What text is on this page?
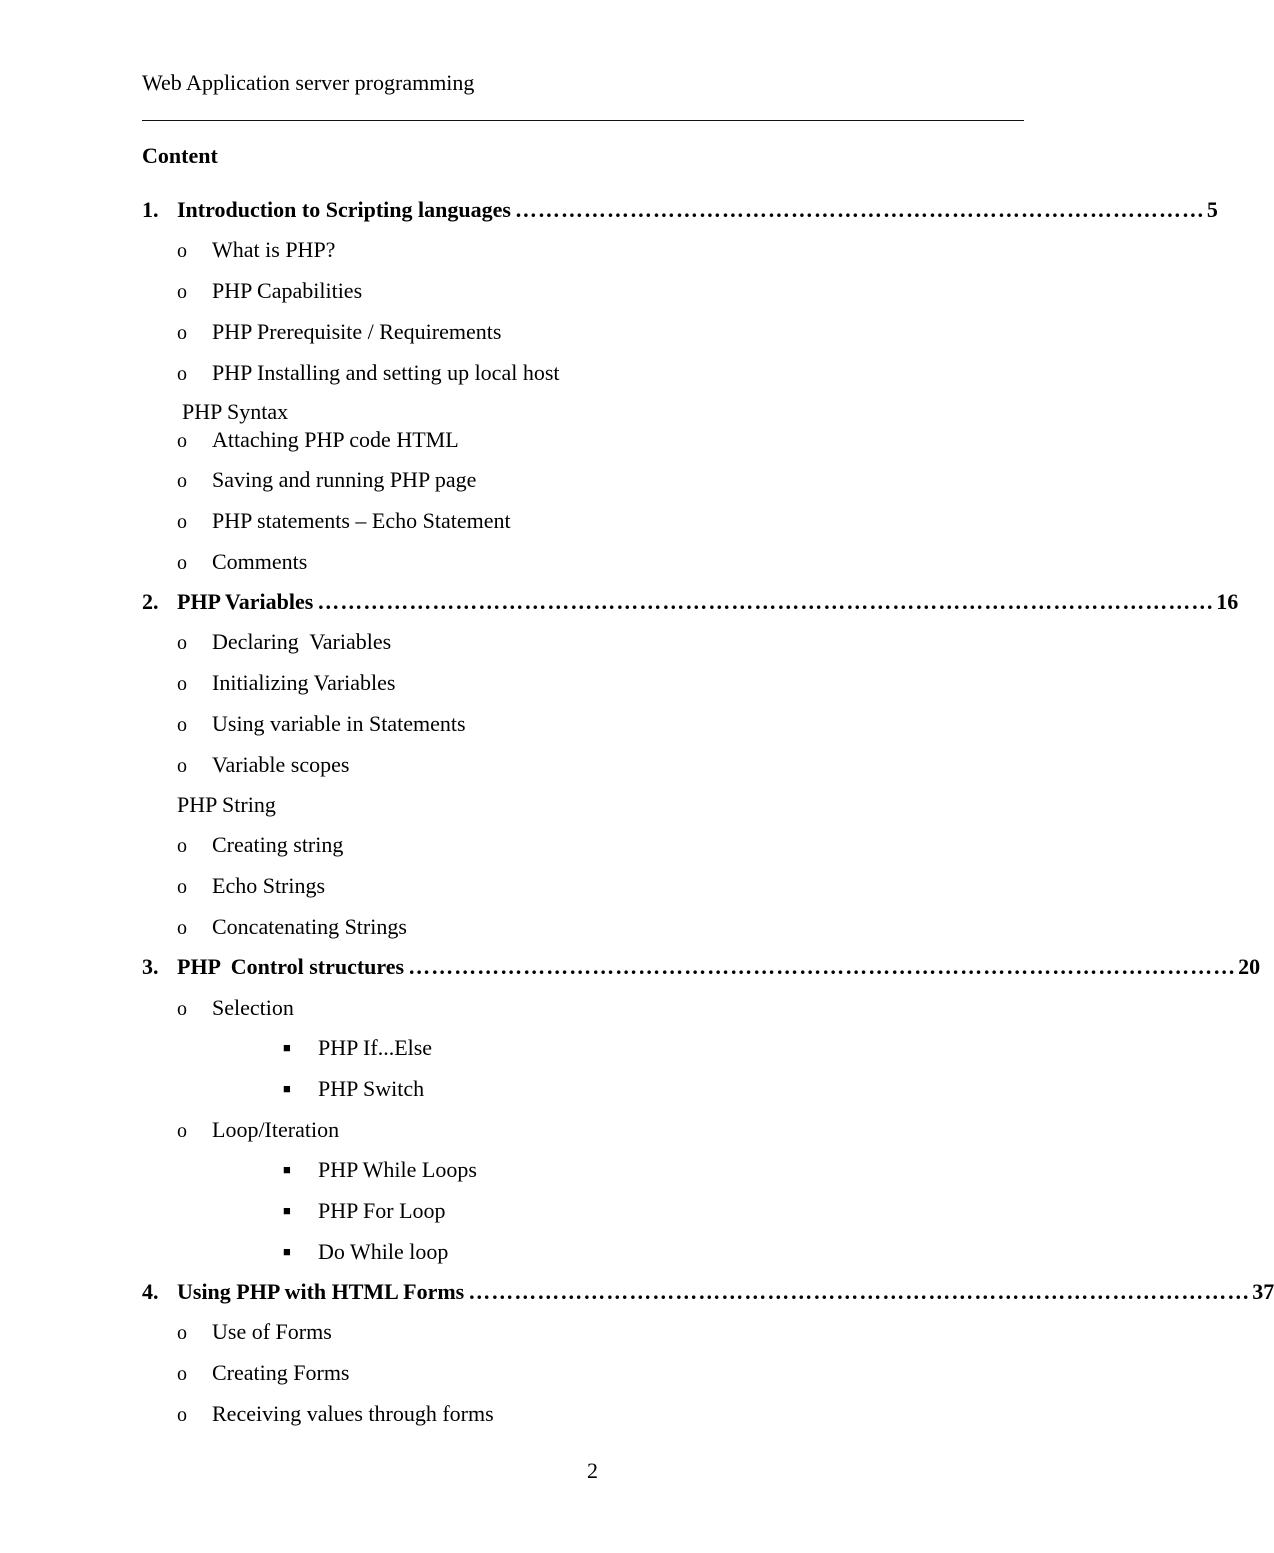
Web Application server programming
Content
1. Introduction to Scripting languages ……………………………………………………………………………… 5
o	What is PHP?
o	PHP Capabilities
o	PHP Prerequisite / Requirements
o	PHP Installing and setting up local host
PHP Syntax
o	Attaching PHP code HTML
o	Saving and running PHP page
o	PHP statements – Echo Statement
o	Comments
2. PHP Variables ……………………………………………………………………………………………………… 16
o	Declaring  Variables
o	Initializing Variables
o	Using variable in Statements
o	Variable scopes
PHP String
o	Creating string
o	Echo Strings
o	Concatenating Strings
3. PHP  Control structures ……………………………………………………………………………………………… 20
o	Selection
■	PHP If...Else
■	PHP Switch
o	Loop/Iteration
■	PHP While Loops
■	PHP For Loop
■	Do While loop
4. Using PHP with HTML Forms ………………………………………………………………………………………… 37
o	Use of Forms
o	Creating Forms
o	Receiving values through forms
2
